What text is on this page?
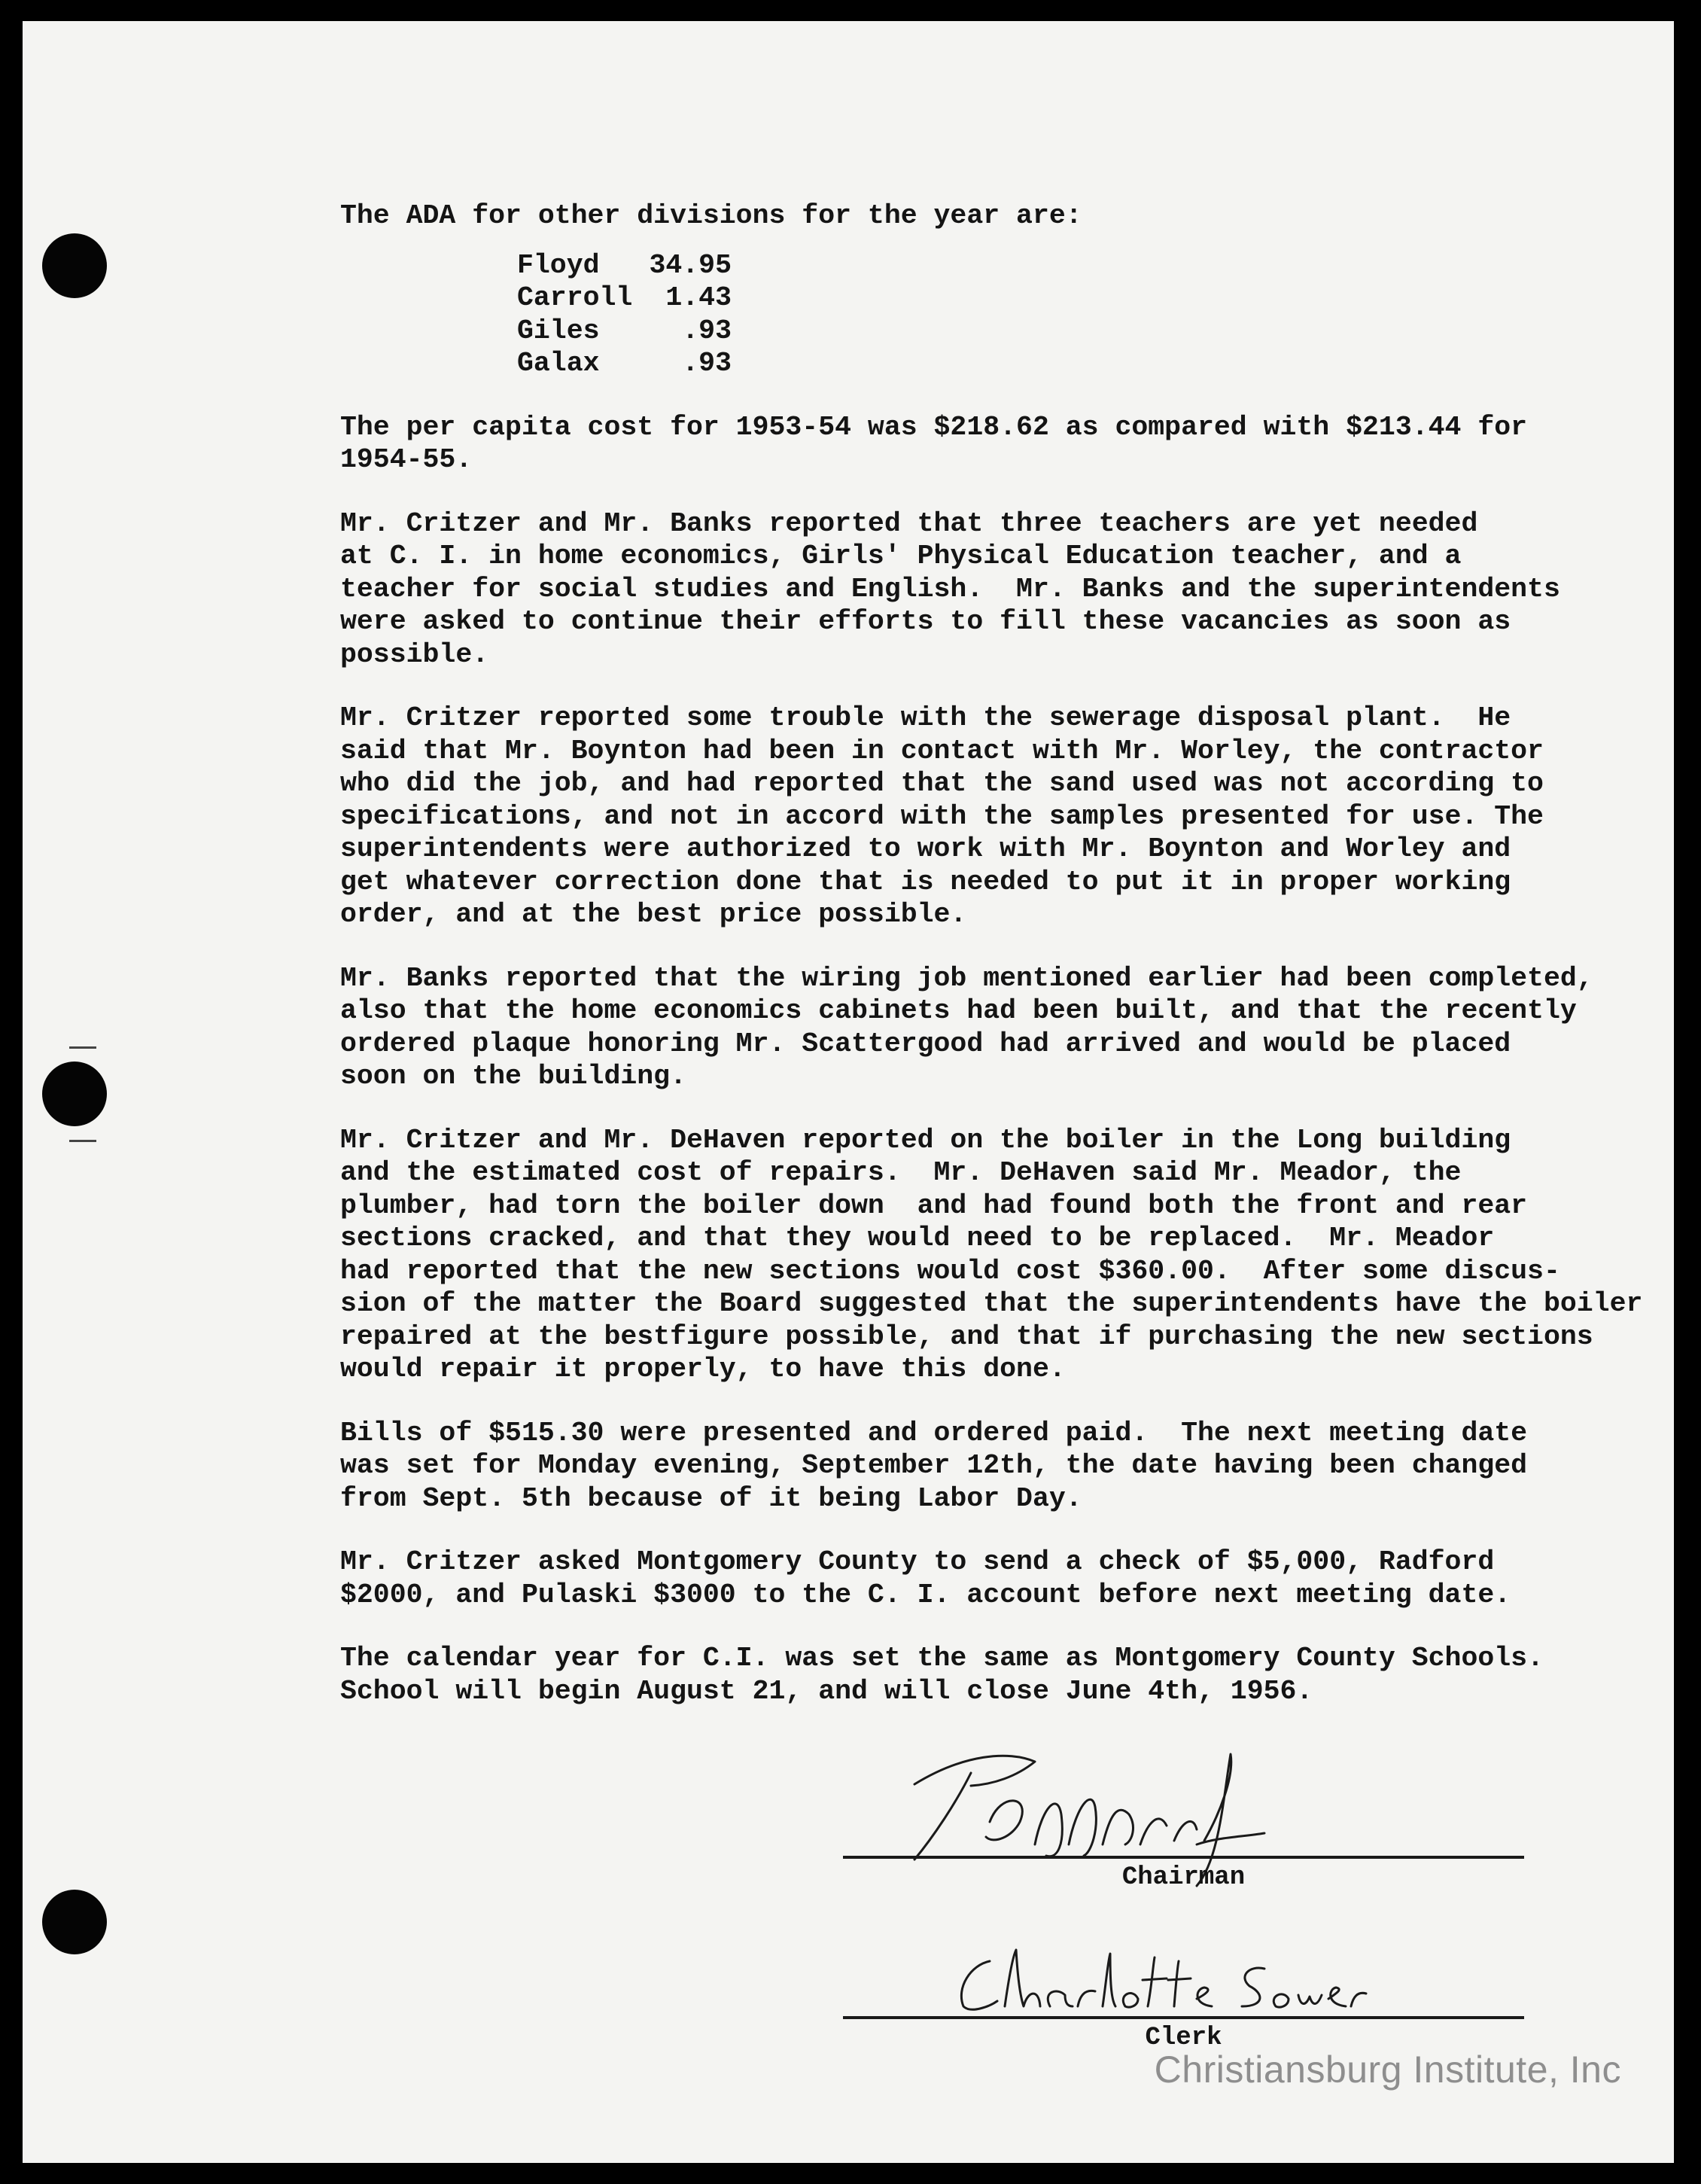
The ADA for other divisions for the year are:
Floyd	34.95
Carroll	1.43
Giles	.93
Galax	.93
The per capita cost for 1953-54 was $218.62 as compared with $213.44 for
1954-55.
Mr. Critzer and Mr. Banks reported that three teachers are yet needed
at C. I. in home economics, Girls' Physical Education teacher, and a
teacher for social studies and English.  Mr. Banks and the superintendents
were asked to continue their efforts to fill these vacancies as soon as
possible.
Mr. Critzer reported some trouble with the sewerage disposal plant.  He
said that Mr. Boynton had been in contact with Mr. Worley, the contractor
who did the job, and had reported that the sand used was not according to
specifications, and not in accord with the samples presented for use. The
superintendents were authorized to work with Mr. Boynton and Worley and
get whatever correction done that is needed to put it in proper working
order, and at the best price possible.
Mr. Banks reported that the wiring job mentioned earlier had been completed,
also that the home economics cabinets had been built, and that the recently
ordered plaque honoring Mr. Scattergood had arrived and would be placed
soon on the building.
Mr. Critzer and Mr. DeHaven reported on the boiler in the Long building
and the estimated cost of repairs.  Mr. DeHaven said Mr. Meador, the
plumber, had torn the boiler down  and had found both the front and rear
sections cracked, and that they would need to be replaced.  Mr. Meador
had reported that the new sections would cost $360.00.  After some discus-
sion of the matter the Board suggested that the superintendents have the boiler
repaired at the bestfigure possible, and that if purchasing the new sections
would repair it properly, to have this done.
Bills of $515.30 were presented and ordered paid.  The next meeting date
was set for Monday evening, September 12th, the date having been changed
from Sept. 5th because of it being Labor Day.
Mr. Critzer asked Montgomery County to send a check of $5,000, Radford
$2000, and Pulaski $3000 to the C. I. account before next meeting date.
The calendar year for C.I. was set the same as Montgomery County Schools.
School will begin August 21, and will close June 4th, 1956.
Chairman
Clerk
Christiansburg Institute, Inc
